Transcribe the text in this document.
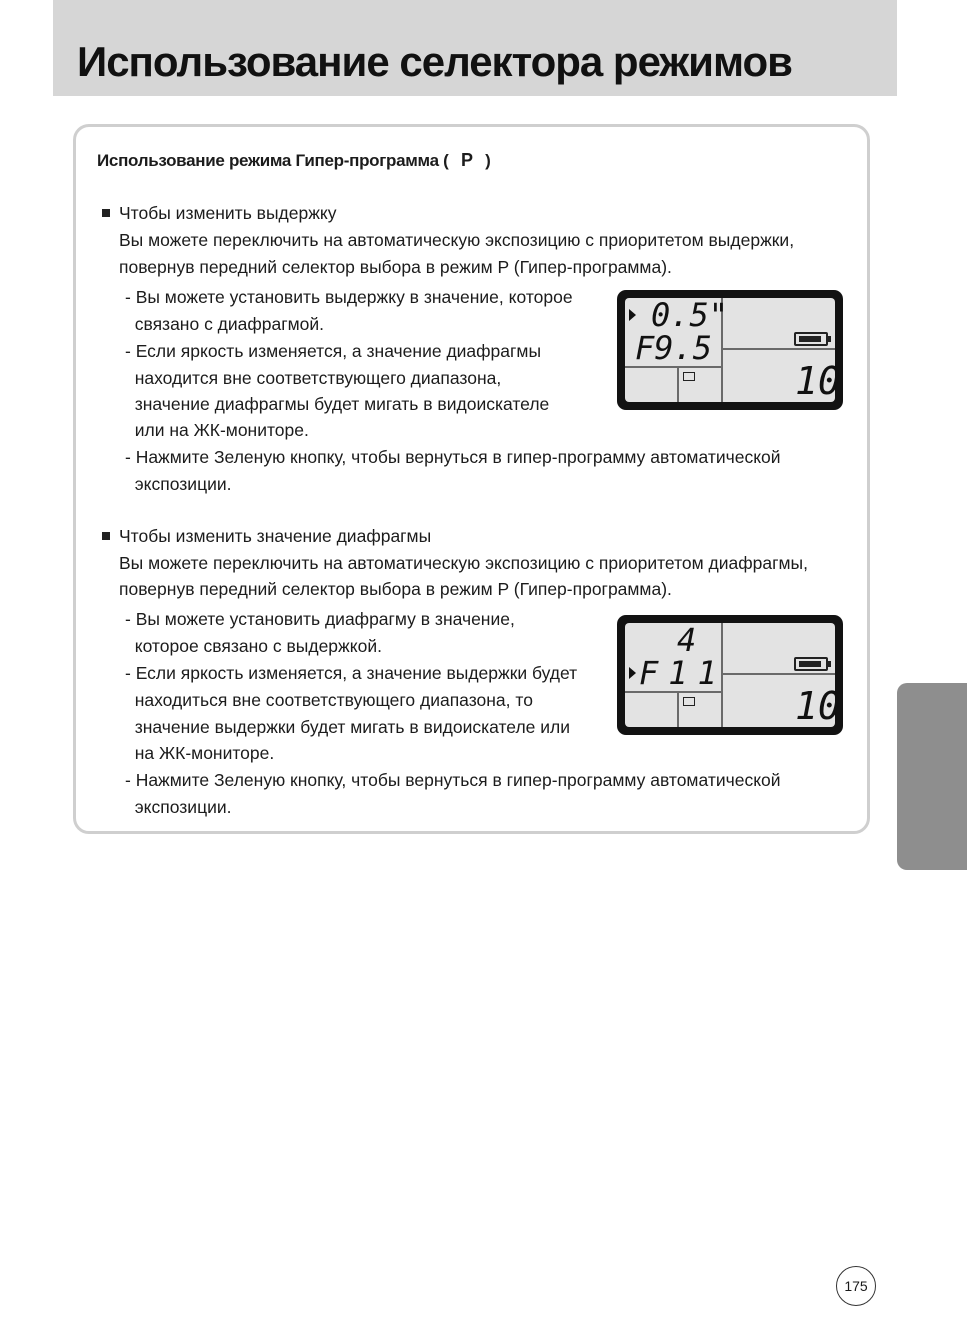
Использование селектора режимов
Использование режима Гипер-программа ( P )
Чтобы изменить выдержку
Вы можете переключить на автоматическую экспозицию с приоритетом выдержки,
повернув передний селектор выбора в режим P (Гипер-программа).
- Вы можете установить выдержку в значение, которое
связано с диафрагмой.
- Если яркость изменяется, а значение диафрагмы
находится вне соответствующего диапазона,
значение диафрагмы будет мигать в видоискателе
или на ЖК-мониторе.
- Нажмите Зеленую кнопку, чтобы вернуться в гипер-программу автоматической
экспозиции.
0.5"
F9.5
10
Чтобы изменить значение диафрагмы
Вы можете переключить на автоматическую экспозицию с приоритетом диафрагмы,
повернув передний селектор выбора в режим P (Гипер-программа).
- Вы можете установить диафрагму в значение,
которое связано с выдержкой.
- Если яркость изменяется, а значение выдержки будет
находиться вне соответствующего диапазона, то
значение выдержки будет мигать в видоискателе или
на ЖК-мониторе.
- Нажмите Зеленую кнопку, чтобы вернуться в гипер-программу автоматической
экспозиции.
4
F11
10
175
